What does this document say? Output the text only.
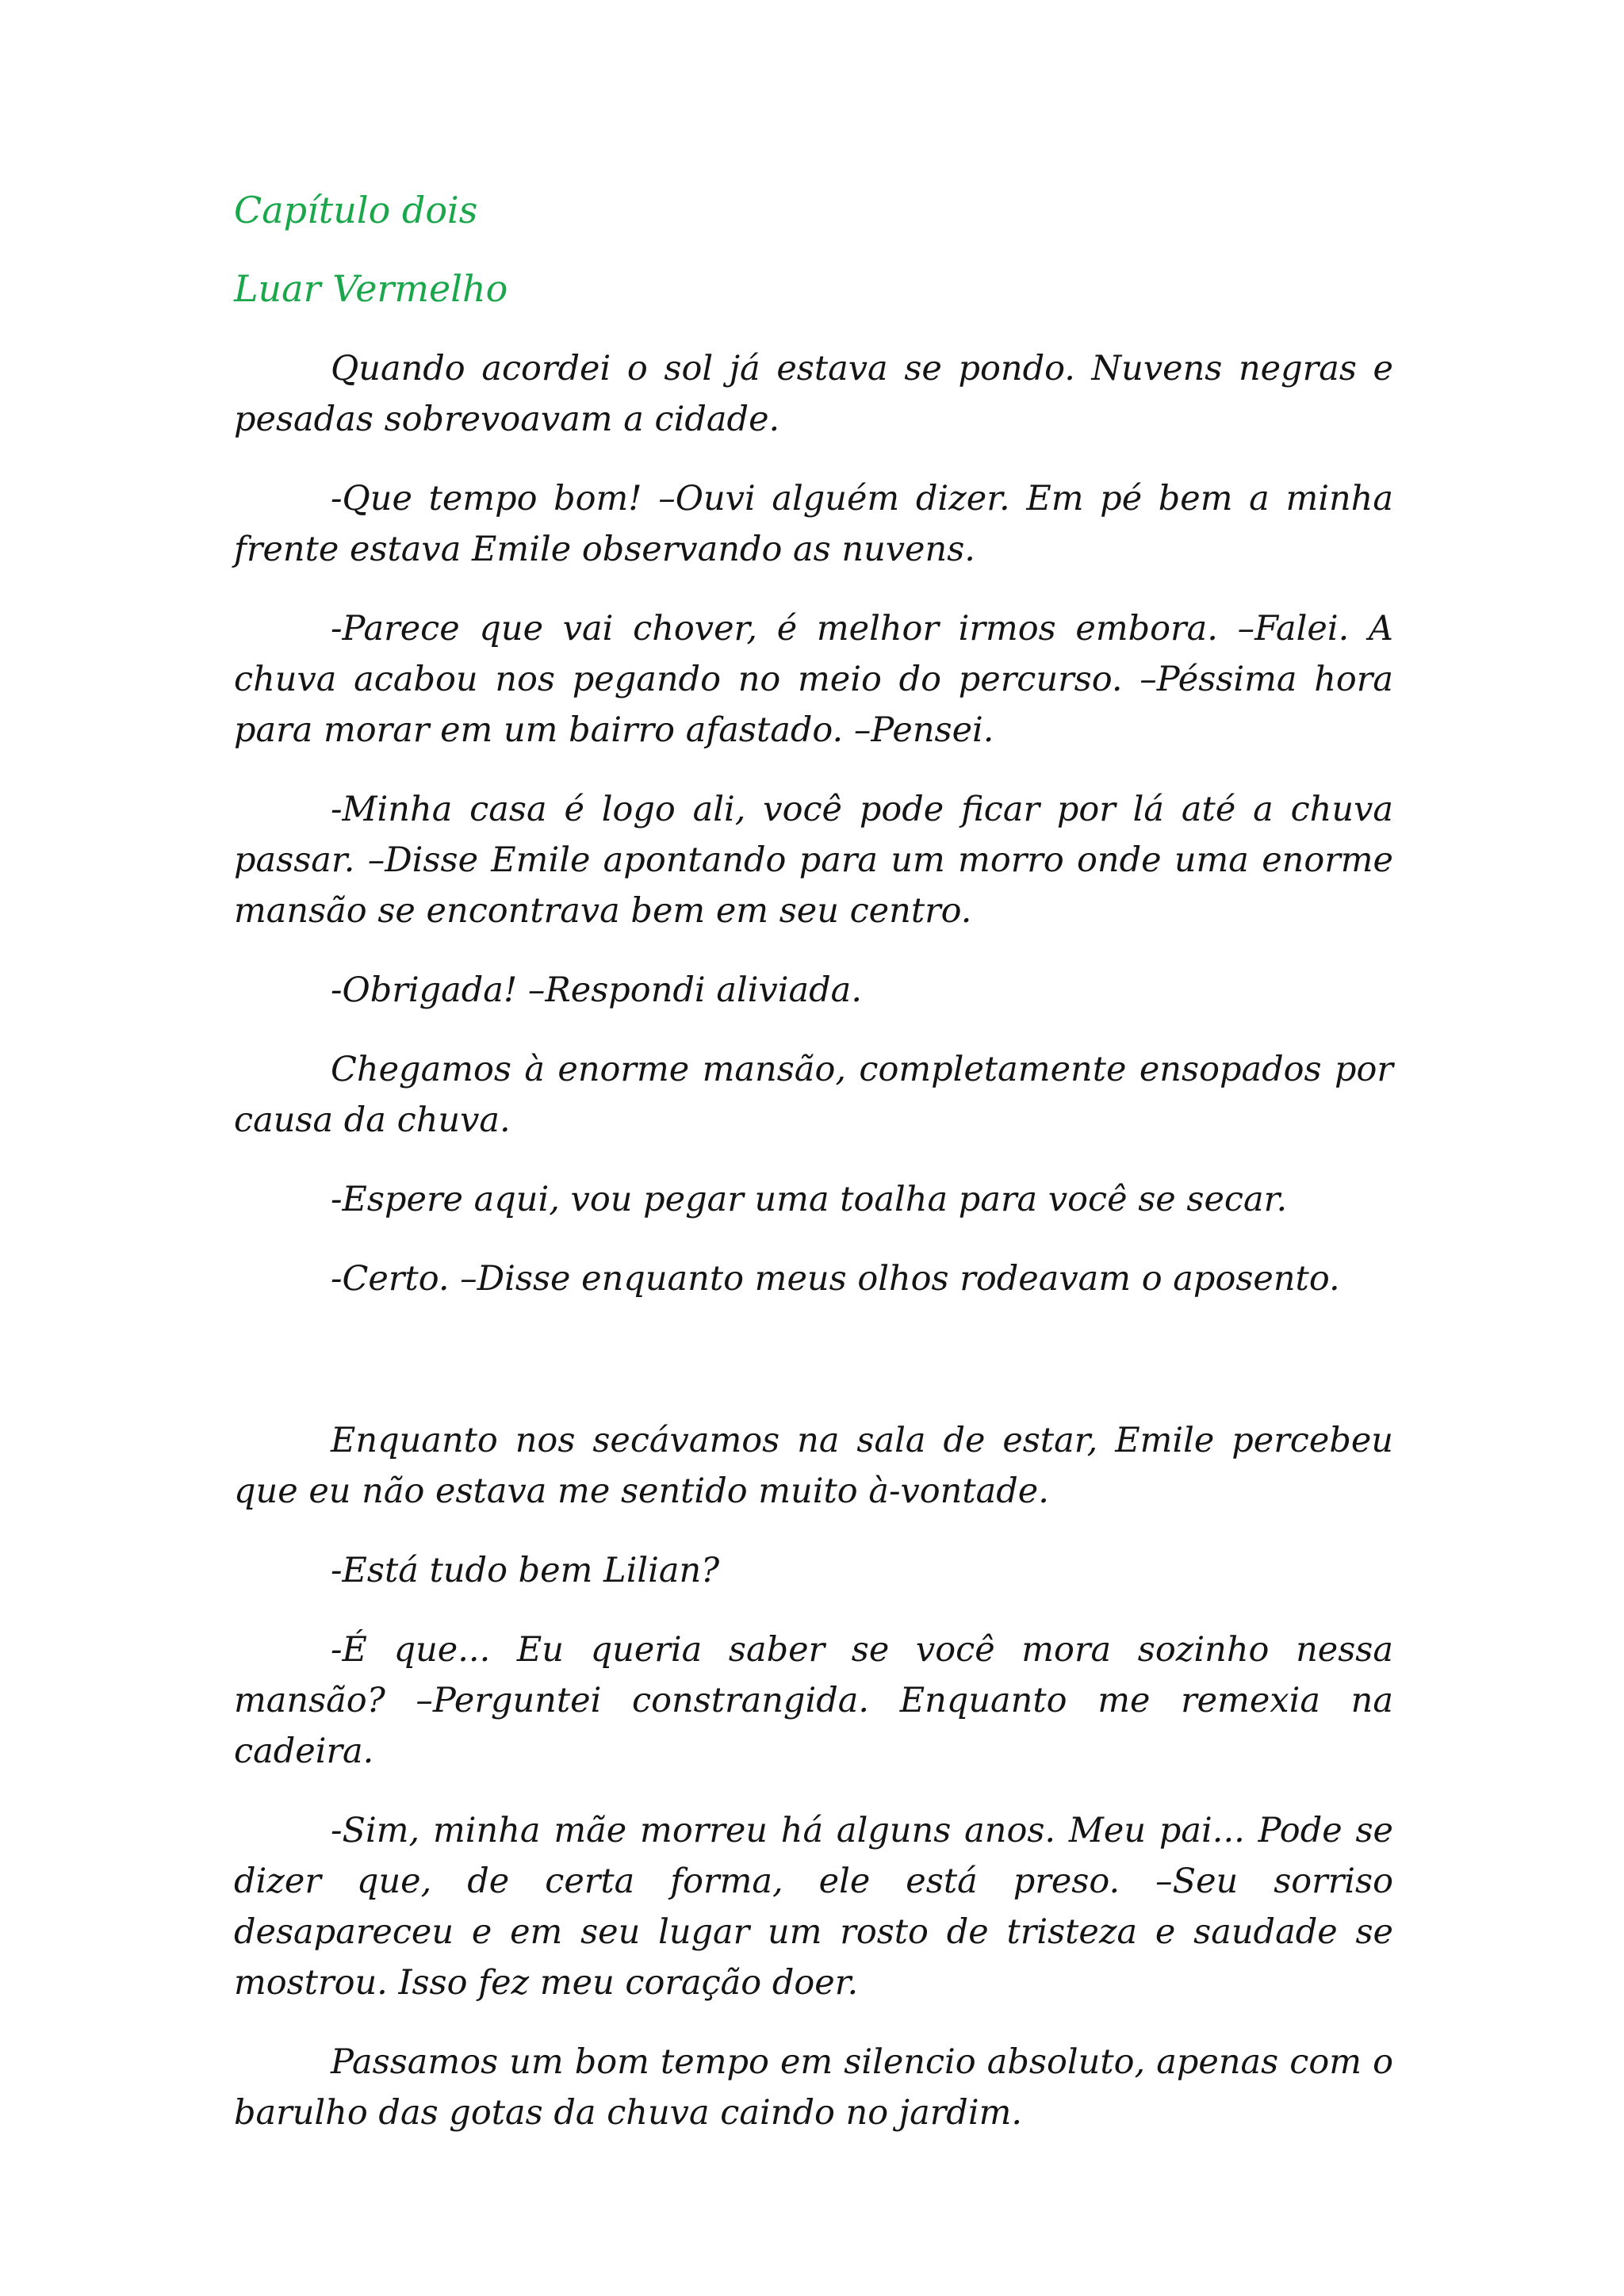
Capítulo dois

Luar Vermelho

Quando acordei o sol já estava se pondo. Nuvens negras e pesadas sobrevoavam a cidade.

-Que tempo bom! –Ouvi alguém dizer. Em pé bem a minha frente estava Emile observando as nuvens.

-Parece que vai chover, é melhor irmos embora. –Falei. A chuva acabou nos pegando no meio do percurso. –Péssima hora para morar em um bairro afastado. –Pensei.

-Minha casa é logo ali, você pode ficar por lá até a chuva passar. –Disse Emile apontando para um morro onde uma enorme mansão se encontrava bem em seu centro.

-Obrigada! –Respondi aliviada.

Chegamos à enorme mansão, completamente ensopados por causa da chuva.

-Espere aqui, vou pegar uma toalha para você se secar.

-Certo. –Disse enquanto meus olhos rodeavam o aposento.

Enquanto nos secávamos na sala de estar, Emile percebeu que eu não estava me sentido muito à-vontade.

-Está tudo bem Lilian?

-É que... Eu queria saber se você mora sozinho nessa mansão? –Perguntei constrangida. Enquanto me remexia na cadeira.

-Sim, minha mãe morreu há alguns anos. Meu pai... Pode se dizer que, de certa forma, ele está preso. –Seu sorriso desapareceu e em seu lugar um rosto de tristeza e saudade se mostrou. Isso fez meu coração doer.

Passamos um bom tempo em silencio absoluto, apenas com o barulho das gotas da chuva caindo no jardim.
